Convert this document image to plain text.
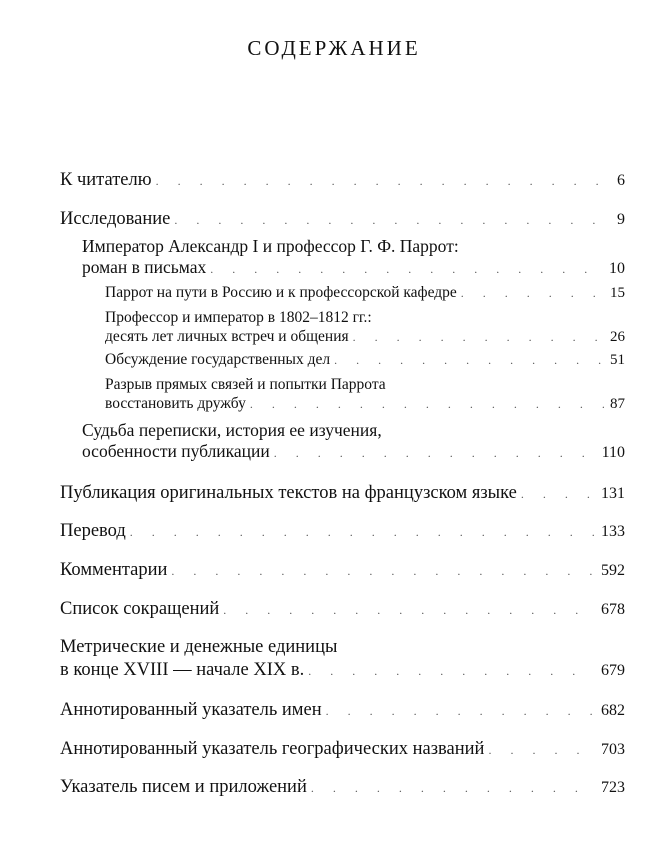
СОДЕРЖАНИЕ
К читателю . . .	6
Исследование . . .	9
Император Александр I и профессор Г. Ф. Паррот:
роман в письмах . . .	10
Паррот на пути в Россию и к профессорской кафедре . . .	15
Профессор и император в 1802–1812 гг.:
десять лет личных встреч и общения . . .	26
Обсуждение государственных дел . . .	51
Разрыв прямых связей и попытки Паррота
восстановить дружбу . . .	87
Судьба переписки, история ее изучения,
особенности публикации . . .	110
Публикация оригинальных текстов на французском языке . . .	131
Перевод . . .	133
Комментарии . . .	592
Список сокращений . . .	678
Метрические и денежные единицы
в конце XVIII — начале XIX в. . . .	679
Аннотированный указатель имен . . .	682
Аннотированный указатель географических названий . . .	703
Указатель писем и приложений . . .	723
